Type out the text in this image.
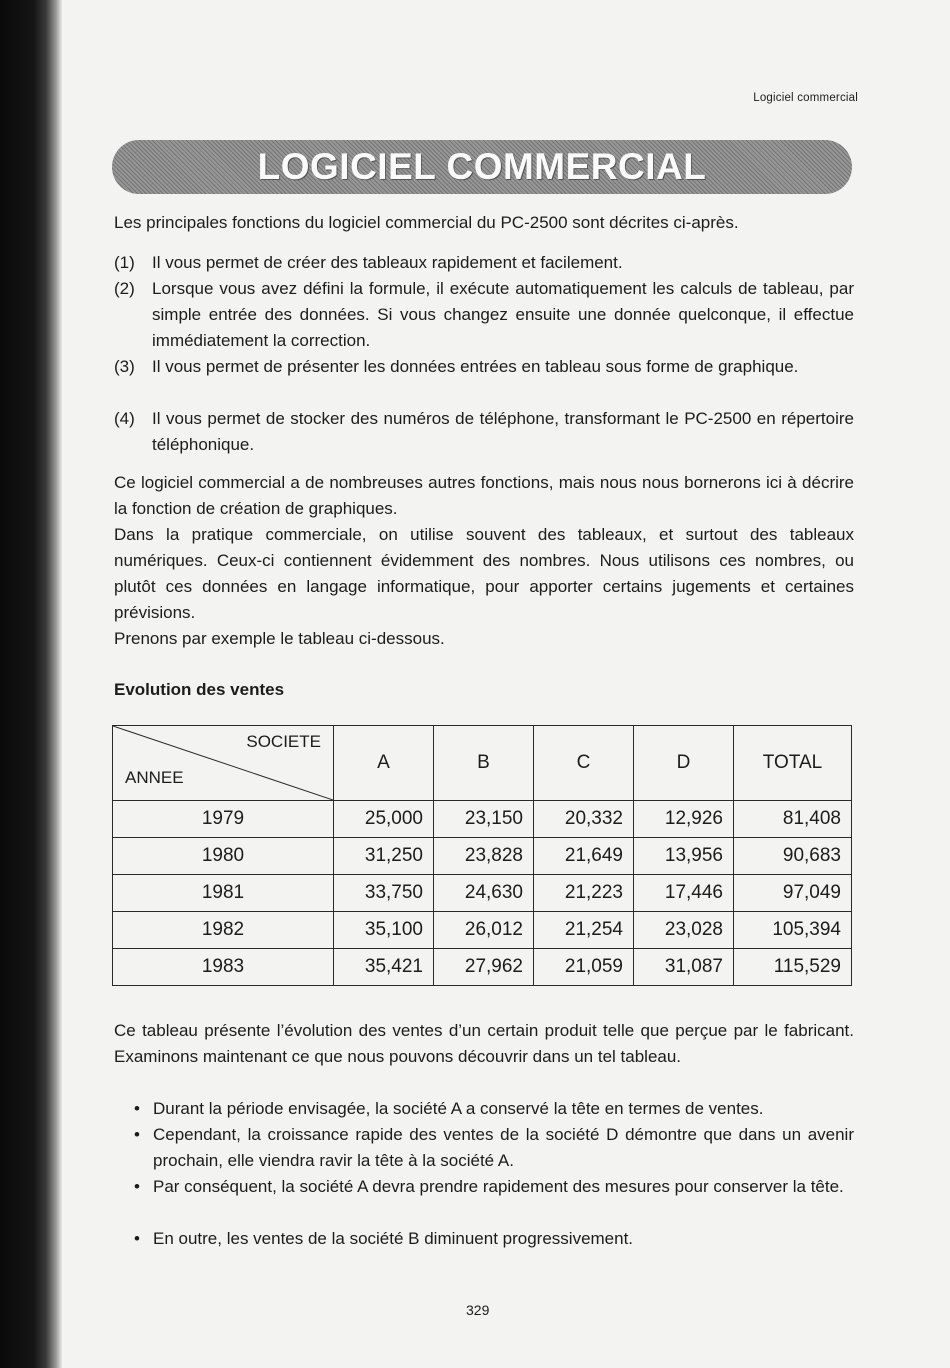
Logiciel commercial
LOGICIEL COMMERCIAL
Les principales fonctions du logiciel commercial du PC-2500 sont décrites ci-après.
(1)	Il vous permet de créer des tableaux rapidement et facilement.
(2)	Lorsque vous avez défini la formule, il exécute automatiquement les calculs de tableau, par simple entrée des données. Si vous changez ensuite une donnée quelconque, il effectue immédiatement la correction.
(3)	Il vous permet de présenter les données entrées en tableau sous forme de graphique.
(4)	Il vous permet de stocker des numéros de téléphone, transformant le PC-2500 en répertoire téléphonique.
Ce logiciel commercial a de nombreuses autres fonctions, mais nous nous bornerons ici à décrire la fonction de création de graphiques.
Dans la pratique commerciale, on utilise souvent des tableaux, et surtout des tableaux numériques. Ceux-ci contiennent évidemment des nombres. Nous utilisons ces nombres, ou plutôt ces données en langage informatique, pour apporter certains jugements et certaines prévisions.
Prenons par exemple le tableau ci-dessous.
Evolution des ventes
SOCIETE
ANNEE	A	B	C	D	TOTAL
1979	25,000	23,150	20,332	12,926	81,408
1980	31,250	23,828	21,649	13,956	90,683
1981	33,750	24,630	21,223	17,446	97,049
1982	35,100	26,012	21,254	23,028	105,394
1983	35,421	27,962	21,059	31,087	115,529
Ce tableau présente l’évolution des ventes d’un certain produit telle que perçue par le fabricant. Examinons maintenant ce que nous pouvons découvrir dans un tel tableau.
• Durant la période envisagée, la société A a conservé la tête en termes de ventes.
• Cependant, la croissance rapide des ventes de la société D démontre que dans un avenir prochain, elle viendra ravir la tête à la société A.
• Par conséquent, la société A devra prendre rapidement des mesures pour conserver la tête.
• En outre, les ventes de la société B diminuent progressivement.
329
